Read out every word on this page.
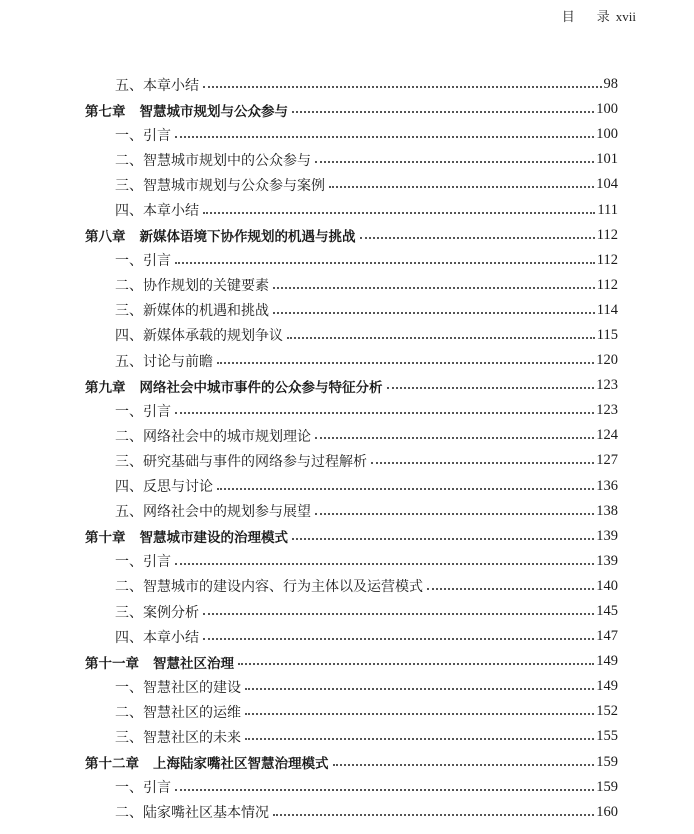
目 录 xvii
五、本章小结	98
第七章 智慧城市规划与公众参与	100
一、引言	100
二、智慧城市规划中的公众参与	101
三、智慧城市规划与公众参与案例	104
四、本章小结	111
第八章 新媒体语境下协作规划的机遇与挑战	112
一、引言	112
二、协作规划的关键要素	112
三、新媒体的机遇和挑战	114
四、新媒体承载的规划争议	115
五、讨论与前瞻	120
第九章 网络社会中城市事件的公众参与特征分析	123
一、引言	123
二、网络社会中的城市规划理论	124
三、研究基础与事件的网络参与过程解析	127
四、反思与讨论	136
五、网络社会中的规划参与展望	138
第十章 智慧城市建设的治理模式	139
一、引言	139
二、智慧城市的建设内容、行为主体以及运营模式	140
三、案例分析	145
四、本章小结	147
第十一章 智慧社区治理	149
一、智慧社区的建设	149
二、智慧社区的运维	152
三、智慧社区的未来	155
第十二章 上海陆家嘴社区智慧治理模式	159
一、引言	159
二、陆家嘴社区基本情况	160
